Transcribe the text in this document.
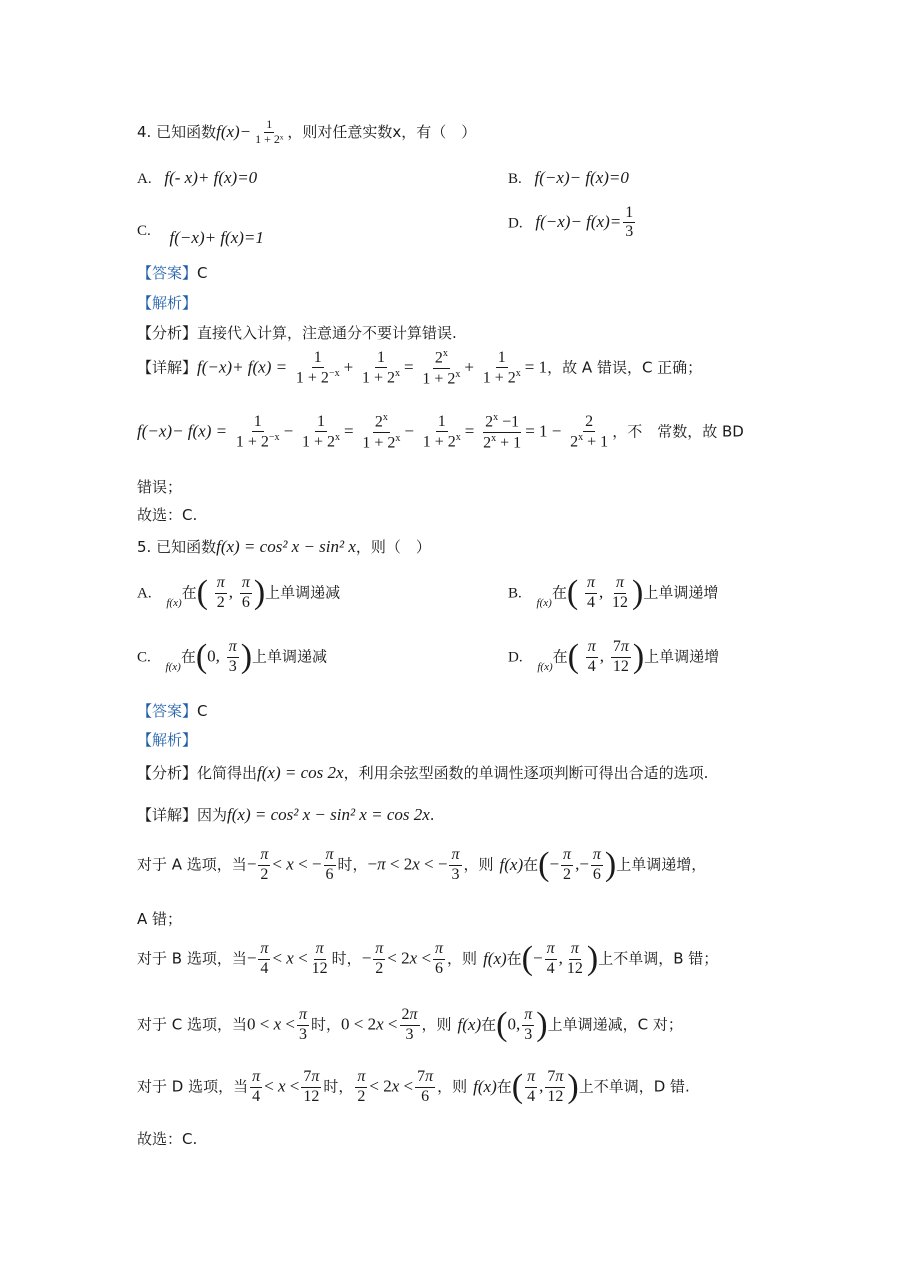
4. 已知函数$f(x)- \frac{1}{\text{1 + 2ˣ}}$ ，则对任意实数x，有（　）
A. f(- x)+ f(x)=0	B. f(−x)− f(x)=0
C. f(−x)+ f(x)=1
D. $f(-x)- f(x)= \frac{1}{3}$
【答案】C
【解析】
【分析】直接代入计算，注意通分不要计算错误.
【详解】$f(-x)+ f(x) = \frac{1}{1 + 2^{-x}} + \frac{1}{1 + 2^x} = \frac{2^x}{1 + 2^x} + \frac{1}{1 + 2^x} = 1$，故 A 错误，C 正确；
$f(-x)- f(x) = \frac{1}{1 + 2^{-x}} - \frac{1}{1 + 2^x} = \frac{2^x}{1 + 2^x} - \frac{1}{1 + 2^x} = \frac{2^x -1}{2^x + 1} = 1 - \frac{2}{2^x + 1}$ ，不　常数，故 BD
错误；
故选：C.
5. 已知函数f(x) = cos² x − sin² x，则（　）
A. $_{f(x)}$在( $\frac{\pi}{2}$ , $\frac{\pi}{6}$ )上单调递减	B. $_{f(x)}$在( $\frac{\pi}{4}$ , $\frac{\pi}{12}$ )上单调递增
C. $_{f(x)}$在(0, $\frac{\pi}{3}$ )上单调递减	D. $_{f(x)}$在( $\frac{\pi}{4}$ , $\frac{7\pi}{12}$ )上单调递增
【答案】C
【解析】
【分析】化简得出f(x) = cos 2x，利用余弦型函数的单调性逐项判断可得出合适的选项.
【详解】因为f(x) = cos² x − sin² x = cos 2x.
对于 A 选项，当− $\frac{\pi}{2} < x$ < − $\frac{\pi}{6}$ 时，−π < 2x < − $\frac{\pi}{3}$ ，则 f(x)在(− $\frac{\pi}{2}$ ,− $\frac{\pi}{6}$ )上单调递增，
A 错；
对于 B 选项，当− $\frac{\pi}{4} < x < \frac{\pi}{12}$ 时，− $\frac{\pi}{2} < 2x < \frac{\pi}{6}$ ，则 f(x)在(− $\frac{\pi}{4}$ , $\frac{\pi}{12}$ )上不单调，B 错；
对于 C 选项，当$0 < x < \frac{\pi}{3}$ 时，$0 < 2x < \frac{2\pi}{3}$ ，则 f(x)在(0, $\frac{\pi}{3}$ )上单调递减，C 对；
对于 D 选项，当 $\frac{\pi}{4} < x < \frac{7\pi}{12}$ 时， $\frac{\pi}{2} < 2x < \frac{7\pi}{6}$ ，则 f(x)在( $\frac{\pi}{4}$ , $\frac{7\pi}{12}$ )上不单调，D 错.
故选：C.
